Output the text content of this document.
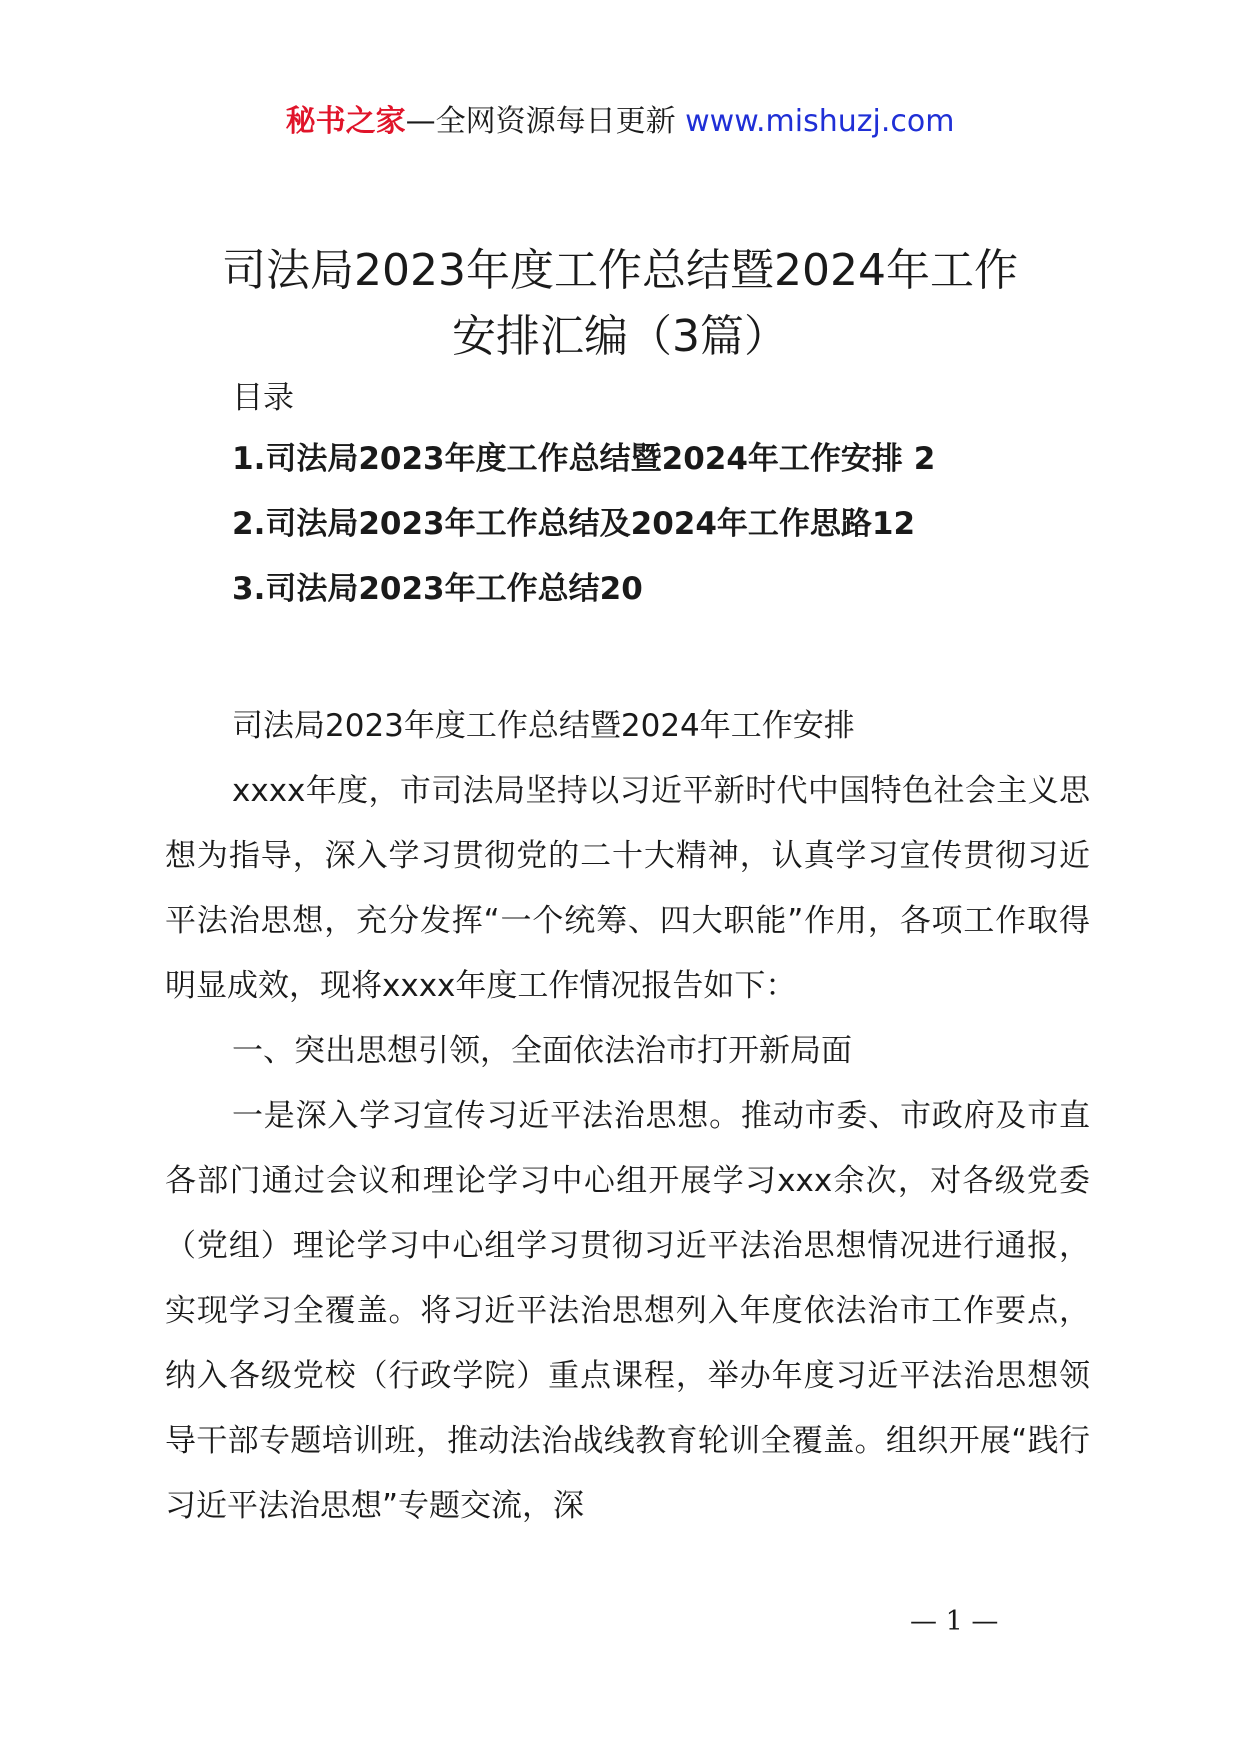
秘书之家—全网资源每日更新 www.mishuzj.com
司法局2023年度工作总结暨2024年工作
安排汇编（3篇）
目录
1.司法局2023年度工作总结暨2024年工作安排 2
2.司法局2023年工作总结及2024年工作思路12
3.司法局2023年工作总结20

司法局2023年度工作总结暨2024年工作安排

xxxx年度，市司法局坚持以习近平新时代中国特色社会主义思想为指导，深入学习贯彻党的二十大精神，认真学习宣传贯彻习近平法治思想，充分发挥“一个统筹、四大职能”作用，各项工作取得明显成效，现将xxxx年度工作情况报告如下：

一、突出思想引领，全面依法治市打开新局面

一是深入学习宣传习近平法治思想。推动市委、市政府及市直各部门通过会议和理论学习中心组开展学习xxx余次，对各级党委（党组）理论学习中心组学习贯彻习近平法治思想情况进行通报，实现学习全覆盖。将习近平法治思想列入年度依法治市工作要点，纳入各级党校（行政学院）重点课程，举办年度习近平法治思想领导干部专题培训班，推动法治战线教育轮训全覆盖。组织开展“践行习近平法治思想”专题交流，深

— 1 —
